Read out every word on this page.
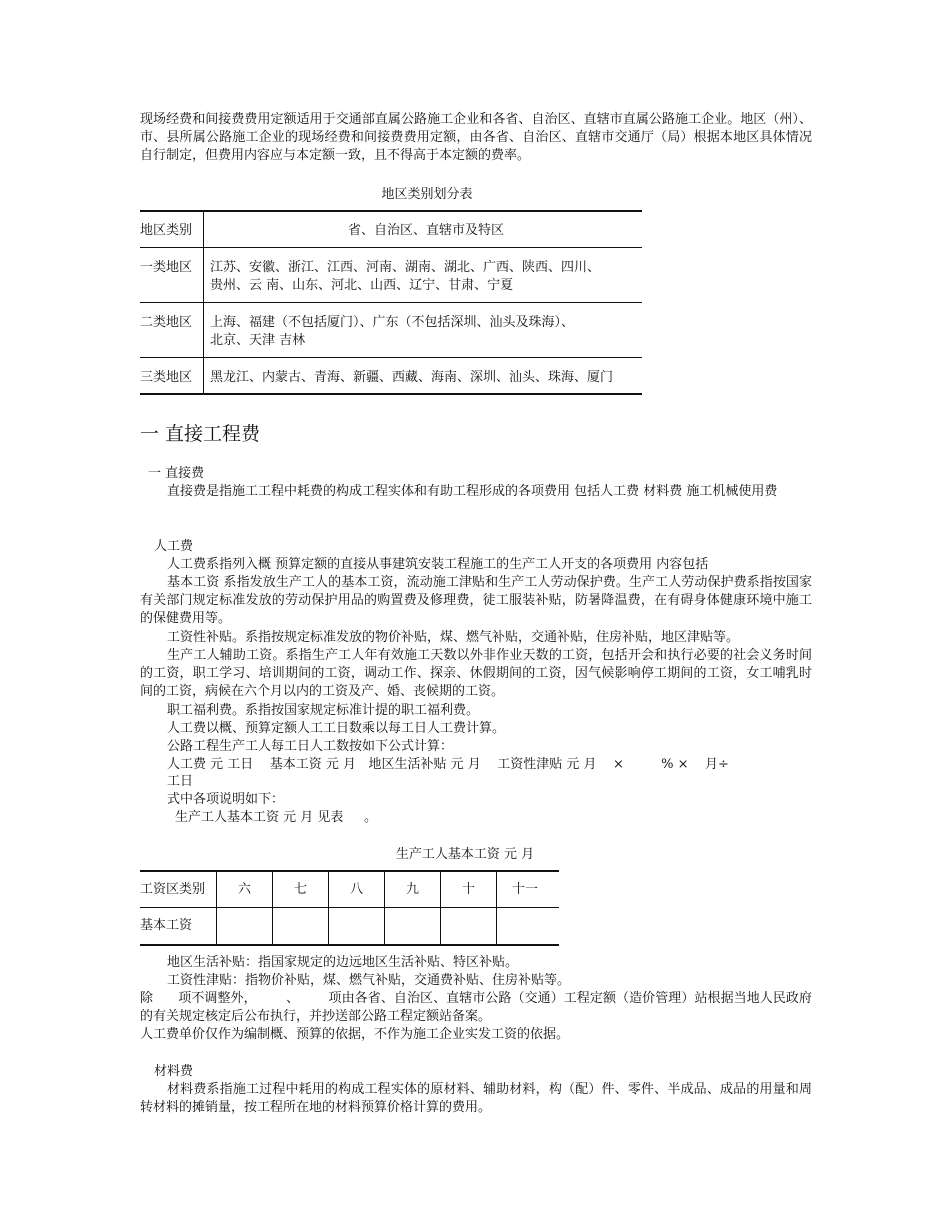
现场经费和间接费费用定额适用于交通部直属公路施工企业和各省、自治区、直辖市直属公路施工企业。地区（州）、市、县所属公路施工企业的现场经费和间接费费用定额，由各省、自治区、直辖市交通厅（局）根据本地区具体情况自行制定，但费用内容应与本定额一致，且不得高于本定额的费率。
地区类别划分表
地区类别	省、自治区、直辖市及特区
一类地区 江苏、安徽、浙江、江西、河南、湖南、湖北、广西、陕西、四川、
贵州、云 南、山东、河北、山西、辽宁、甘肃、宁夏
二类地区 上海、福建（不包括厦门）、广东（不包括深圳、汕头及珠海）、
北京、天津 吉林
三类地区 黑龙江、内蒙古、青海、新疆、西藏、海南、深圳、汕头、珠海、厦门
一 直接工程费
一 直接费
直接费是指施工工程中耗费的构成工程实体和有助工程形成的各项费用 包括人工费 材料费 施工机械使用费
人工费
人工费系指列入概 预算定额的直接从事建筑安装工程施工的生产工人开支的各项费用 内容包括
基本工资 系指发放生产工人的基本工资，流动施工津贴和生产工人劳动保护费。生产工人劳动保护费系指按国家有关部门规定标准发放的劳动保护用品的购置费及修理费，徒工服装补贴，防暑降温费，在有碍身体健康环境中施工的保健费用等。
工资性补贴。系指按规定标准发放的物价补贴，煤、燃气补贴，交通补贴，住房补贴，地区津贴等。
生产工人辅助工资。系指生产工人年有效施工天数以外非作业天数的工资，包括开会和执行必要的社会义务时间的工资，职工学习、培训期间的工资，调动工作、探亲、休假期间的工资，因气候影响停工期间的工资，女工哺乳时间的工资，病候在六个月以内的工资及产、婚、丧候期的工资。
职工福利费。系指按国家规定标准计提的职工福利费。
人工费以概、预算定额人工工日数乘以每工日人工费计算。
公路工程生产工人每工日人工数按如下公式计算：
人工费 元 工日    基本工资 元 月   地区生活补贴 元 月    工资性津贴 元 月    ×         % ×    月÷
工日
式中各项说明如下：
生产工人基本工资 元 月 见表     。
生产工人基本工资 元 月
工资区类别	六	七	八	九	十	十一
基本工资
地区生活补贴：指国家规定的边远地区生活补贴、特区补贴。
工资性津贴：指物价补贴，煤、燃气补贴，交通费补贴、住房补贴等。
除      项不调整外，       、       项由各省、自治区、直辖市公路（交通）工程定额（造价管理）站根据当地人民政府的有关规定核定后公布执行，并抄送部公路工程定额站备案。
人工费单价仅作为编制概、预算的依据，不作为施工企业实发工资的依据。
材料费
材料费系指施工过程中耗用的构成工程实体的原材料、辅助材料，构（配）件、零件、半成品、成品的用量和周转材料的摊销量，按工程所在地的材料预算价格计算的费用。
